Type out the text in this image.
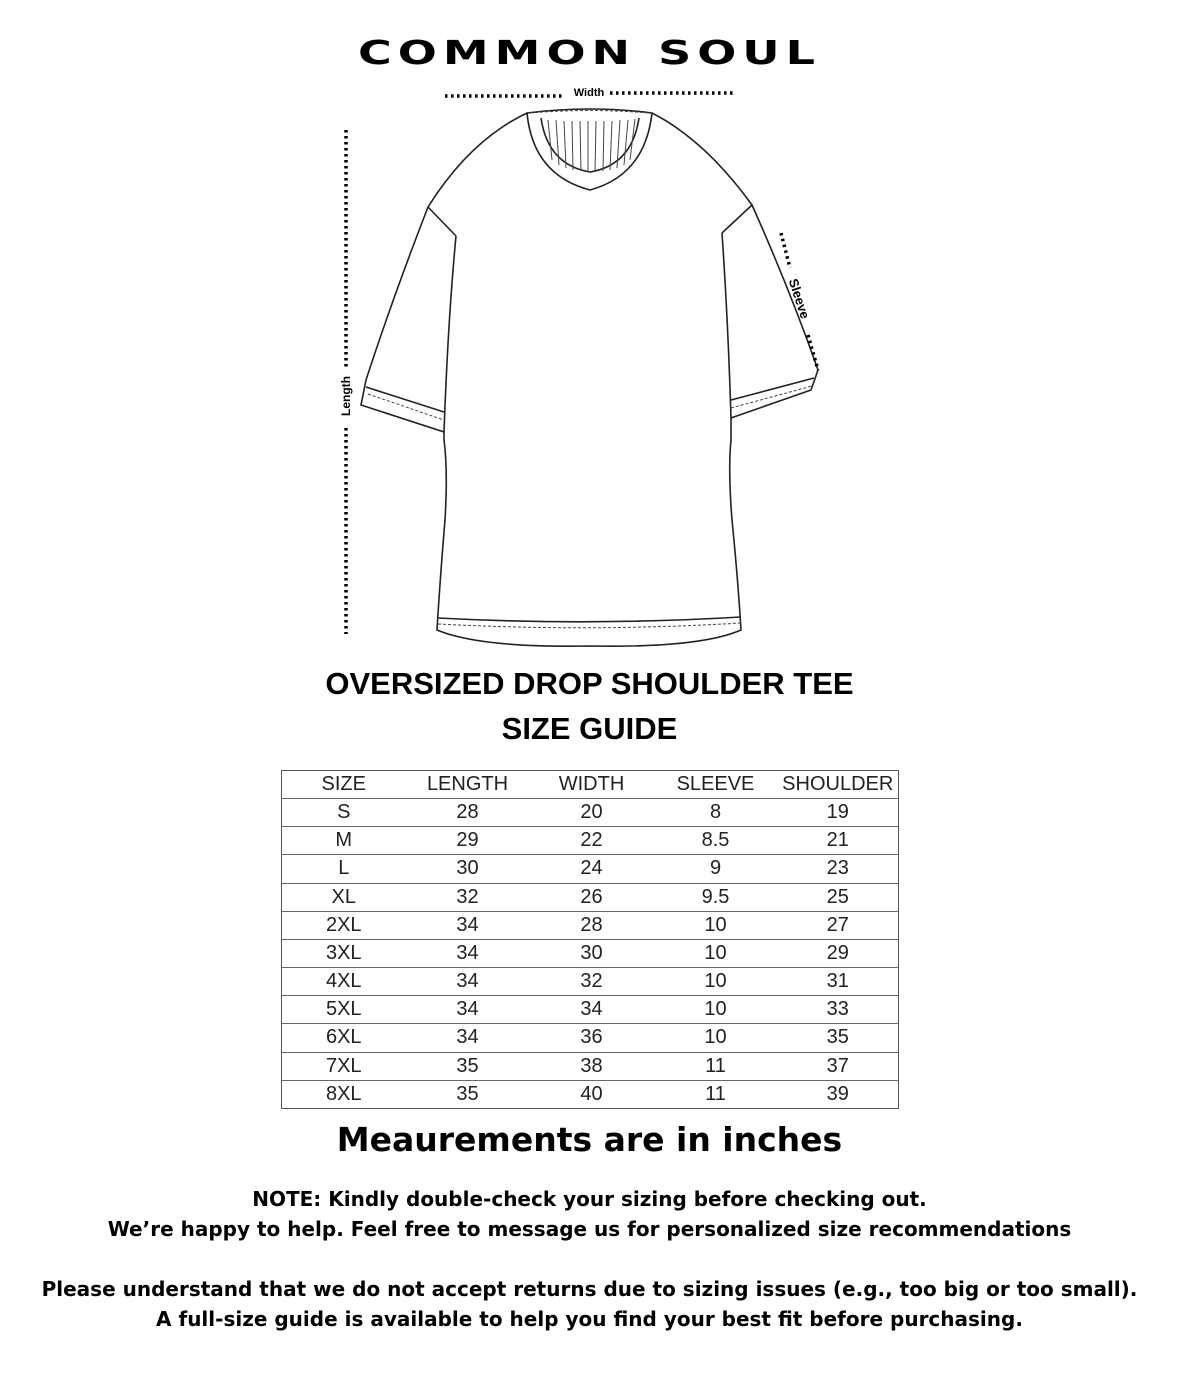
COMMON SOUL
Width
Length
Sleeve
OVERSIZED DROP SHOULDER TEE
SIZE GUIDE
SIZE	LENGTH	WIDTH	SLEEVE	SHOULDER
S	28	20	8	19
M	29	22	8.5	21
L	30	24	9	23
XL	32	26	9.5	25
2XL	34	28	10	27
3XL	34	30	10	29
4XL	34	32	10	31
5XL	34	34	10	33
6XL	34	36	10	35
7XL	35	38	11	37
8XL	35	40	11	39
Meaurements are in inches

NOTE: Kindly double-check your sizing before checking out.

We’re happy to help. Feel free to message us for personalized size recommendations

Please understand that we do not accept returns due to sizing issues (e.g., too big or too small).

A full-size guide is available to help you find your best fit before purchasing.
